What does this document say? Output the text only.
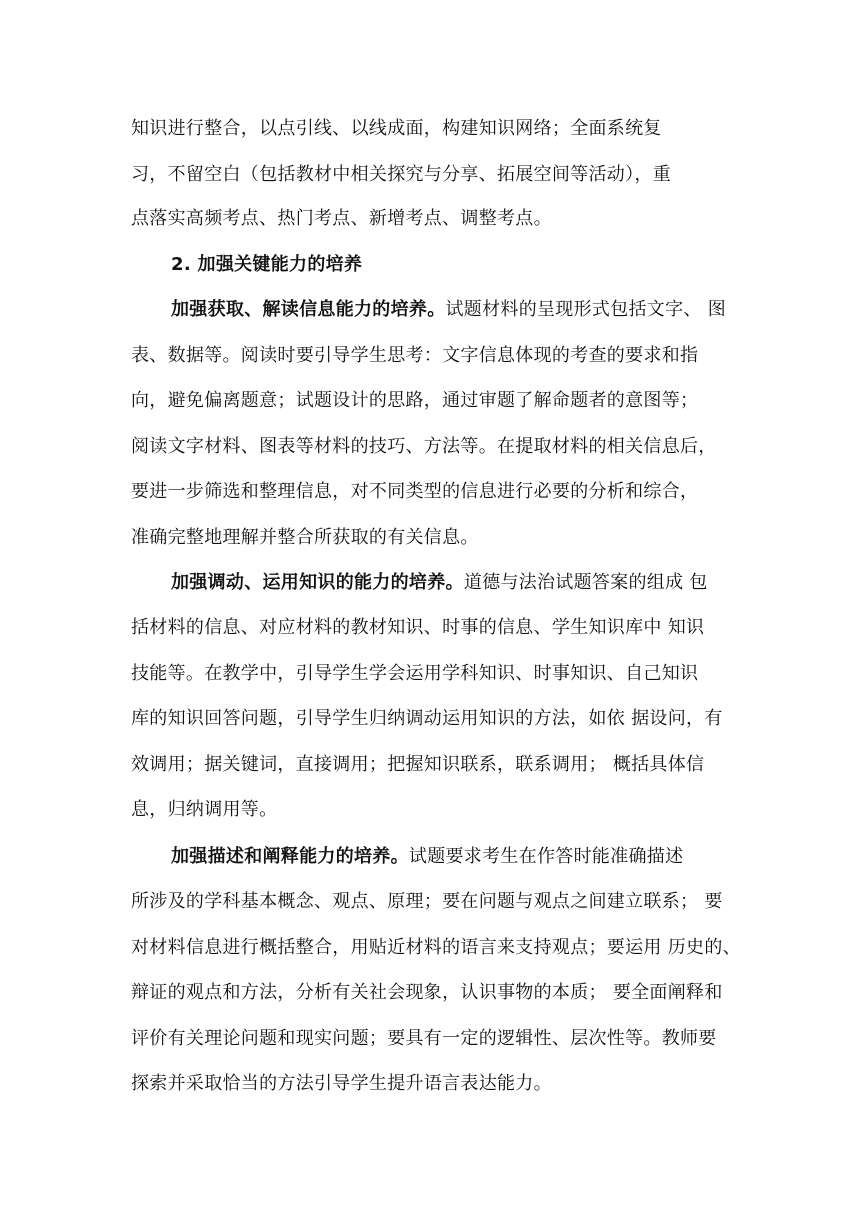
知识进行整合，以点引线、以线成面，构建知识网络；全面系统复
习，不留空白（包括教材中相关探究与分享、拓展空间等活动），重
点落实高频考点、热门考点、新增考点、调整考点。
2. 加强关键能力的培养
加强获取、解读信息能力的培养。试题材料的呈现形式包括文字、 图
表、数据等。阅读时要引导学生思考：文字信息体现的考查的要求和指
向，避免偏离题意；试题设计的思路，通过审题了解命题者的意图等；
阅读文字材料、图表等材料的技巧、方法等。在提取材料的相关信息后，
要进一步筛选和整理信息，对不同类型的信息进行必要的分析和综合，
准确完整地理解并整合所获取的有关信息。
加强调动、运用知识的能力的培养。道德与法治试题答案的组成 包
括材料的信息、对应材料的教材知识、时事的信息、学生知识库中 知识
技能等。在教学中，引导学生学会运用学科知识、时事知识、自己知识
库的知识回答问题，引导学生归纳调动运用知识的方法，如依 据设问，有
效调用；据关键词，直接调用；把握知识联系，联系调用； 概括具体信
息，归纳调用等。
加强描述和阐释能力的培养。试题要求考生在作答时能准确描述
所涉及的学科基本概念、观点、原理；要在问题与观点之间建立联系； 要
对材料信息进行概括整合，用贴近材料的语言来支持观点；要运用 历史的、
辩证的观点和方法，分析有关社会现象，认识事物的本质； 要全面阐释和
评价有关理论问题和现实问题；要具有一定的逻辑性、层次性等。教师要
探索并采取恰当的方法引导学生提升语言表达能力。
